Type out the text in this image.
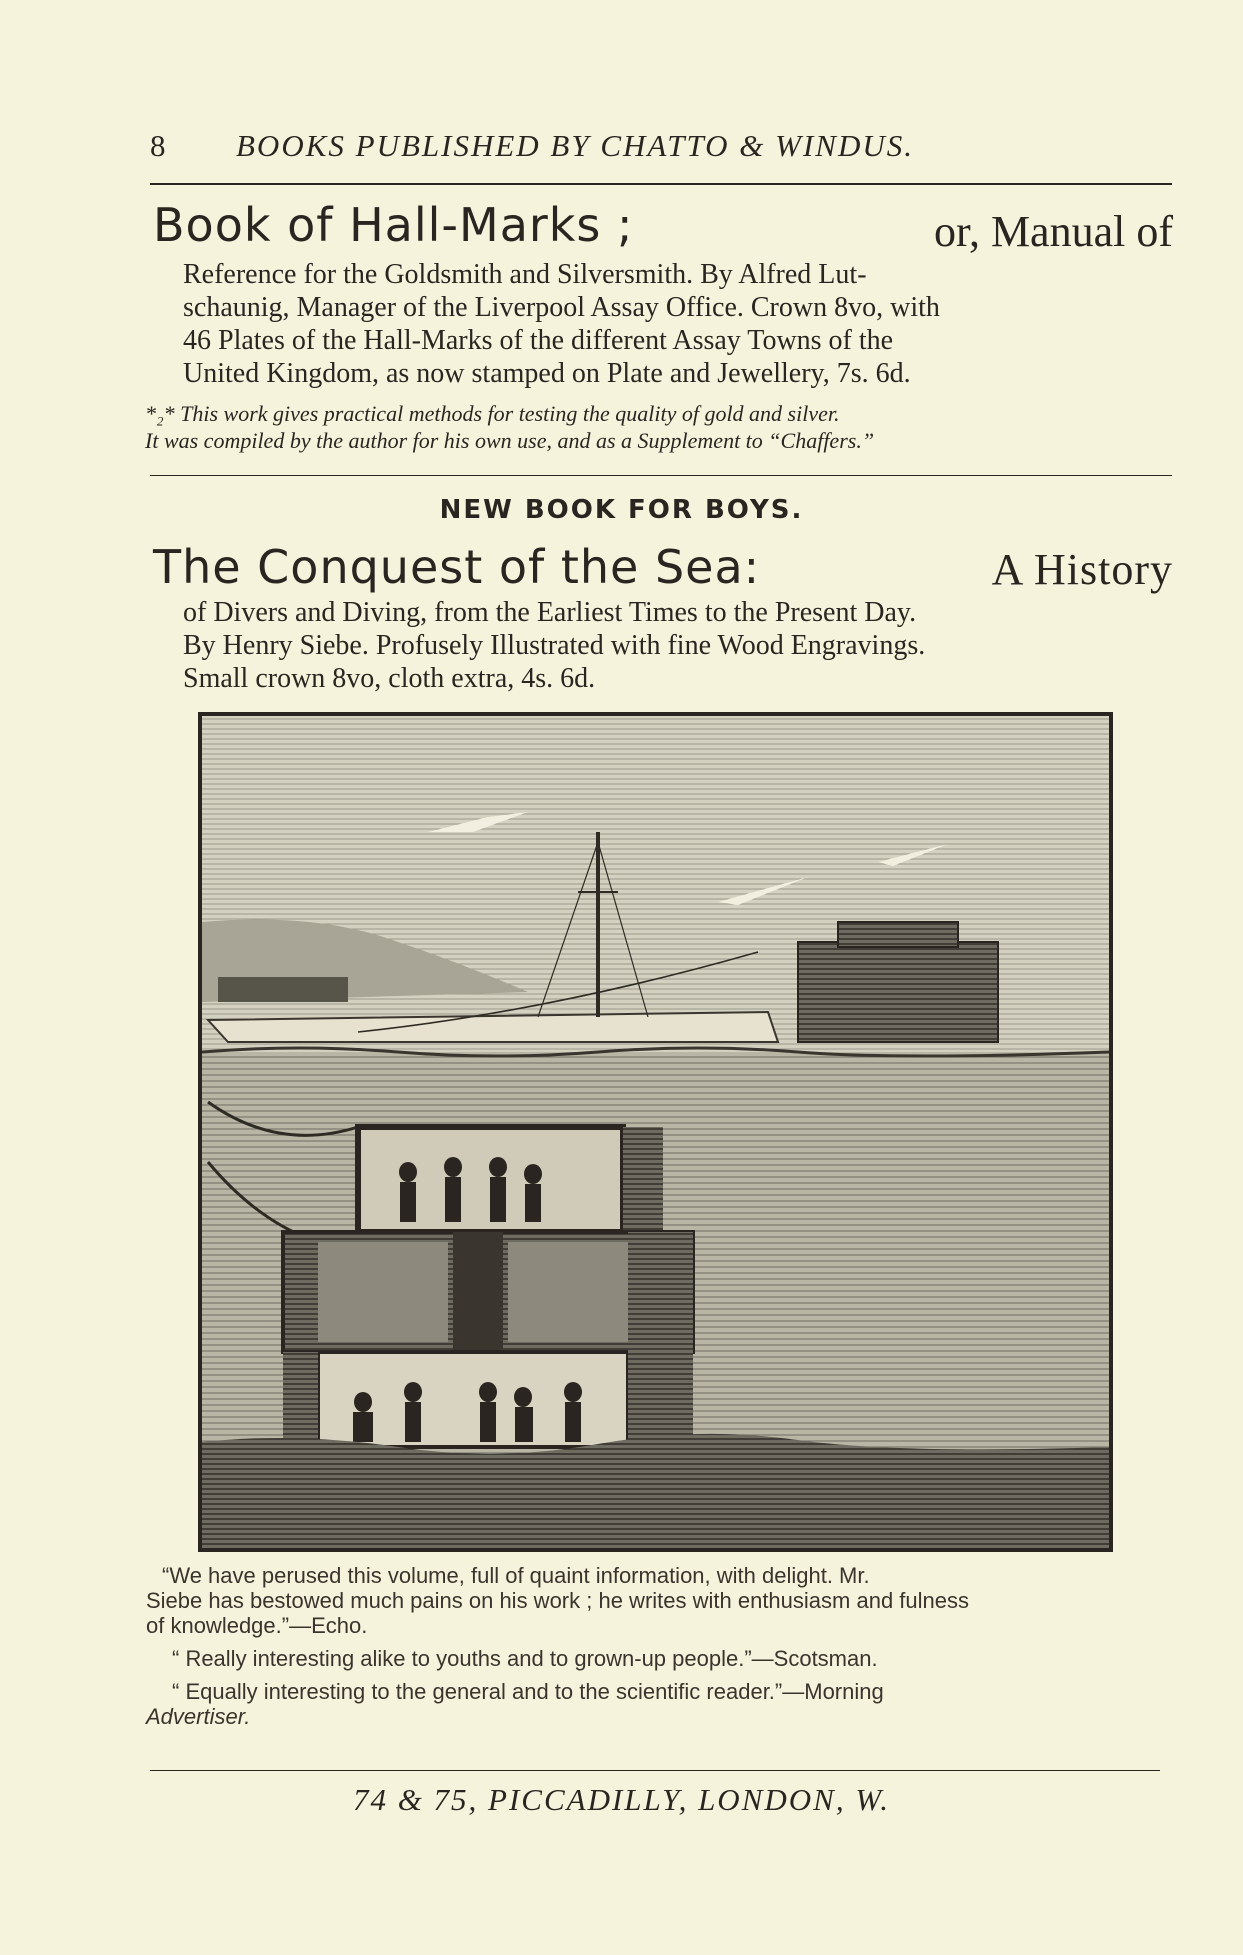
8 BOOKS PUBLISHED BY CHATTO & WINDUS.
Book of Hall-Marks ;	or, Manual of
Reference for the Goldsmith and Silversmith. By Alfred Lut-
schaunig, Manager of the Liverpool Assay Office. Crown 8vo, with
46 Plates of the Hall-Marks of the different Assay Towns of the
United Kingdom, as now stamped on Plate and Jewellery, 7s. 6d.
*₂* This work gives practical methods for testing the quality of gold and silver.
It was compiled by the author for his own use, and as a Supplement to “Chaffers.”
NEW BOOK FOR BOYS.
The Conquest of the Sea:	A History
of Divers and Diving, from the Earliest Times to the Present Day.
By Henry Siebe. Profusely Illustrated with fine Wood Engravings.
Small crown 8vo, cloth extra, 4s. 6d.
“We have perused this volume, full of quaint information, with delight. Mr.
Siebe has bestowed much pains on his work ; he writes with enthusiasm and fulness
of knowledge.”—Echo.
“ Really interesting alike to youths and to grown-up people.”—Scotsman.
“ Equally interesting to the general and to the scientific reader.”—Morning
Advertiser.
74 & 75, PICCADILLY, LONDON, W.
